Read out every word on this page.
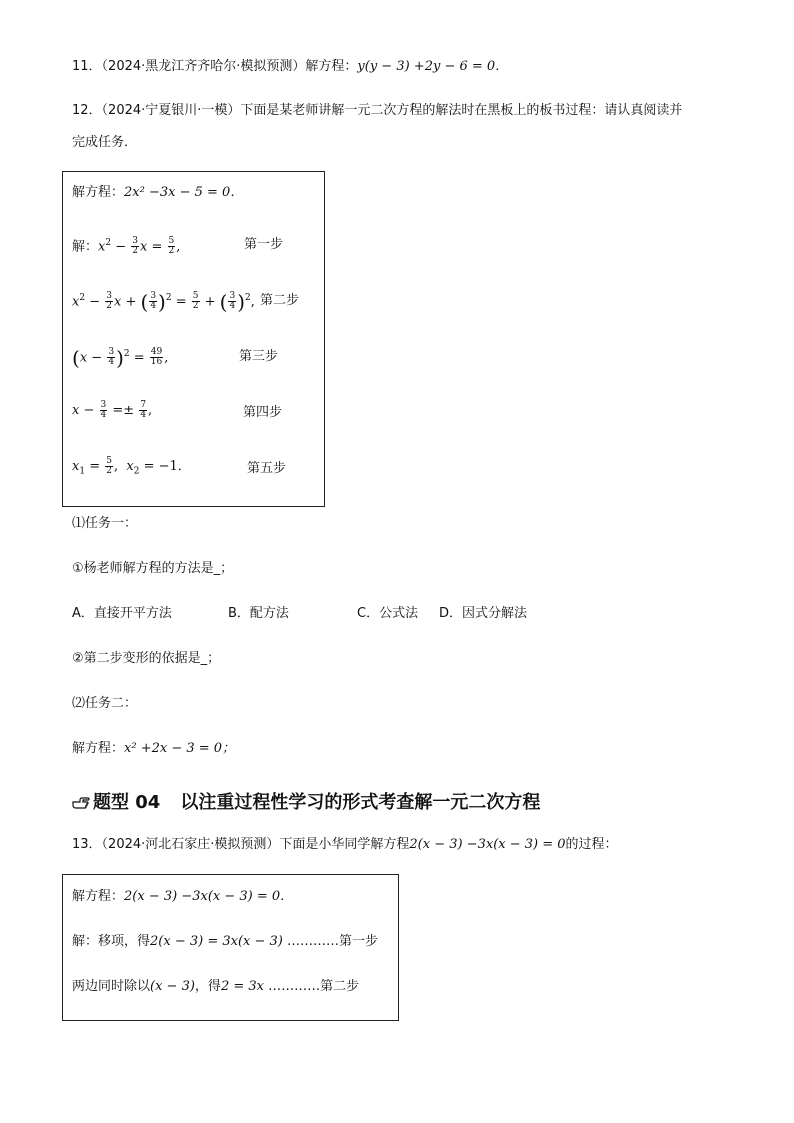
11．（2024·黑龙江齐齐哈尔·模拟预测）解方程：y(y − 3) +2y − 6 = 0．
12．（2024·宁夏银川·一模）下面是某老师讲解一元二次方程的解法时在黑板上的板书过程：请认真阅读并
完成任务．
解方程：2x² −3x − 5 = 0．
解：$x^2 - \frac{3}{2}$ $x = \frac{5}{2}$ ,	第一步
$x^2 - \frac{3}{2}$ x + ( $\frac{3}{4} )^2 = \frac{5}{2}$ + ( $\frac{3}{4} )^2$, 第二步
$(x - \frac{3}{4} )^2 = \frac{49}{16}$ ,	第三步
$x - \frac{3}{4} =\pm \frac{7}{4}$ ,	第四步
$x_1 = \frac{5}{2}$ ,  $x_2 = -1$．	第五步
⑴任务一：
①杨老师解方程的方法是_；
A．直接开平方法	B．配方法	C．公式法 D．因式分解法
②第二步变形的依据是_；
⑵任务二：
解方程：x² +2x − 3 = 0；
题型 04 以注重过程性学习的形式考查解一元二次方程
13．（2024·河北石家庄·模拟预测）下面是小华同学解方程2(x − 3) −3x(x − 3) = 0的过程：
解方程：2(x − 3) −3x(x − 3) = 0．
解：移项，得2(x − 3) = 3x(x − 3) …………第一步
两边同时除以(x − 3)，得2 = 3x …………第二步
